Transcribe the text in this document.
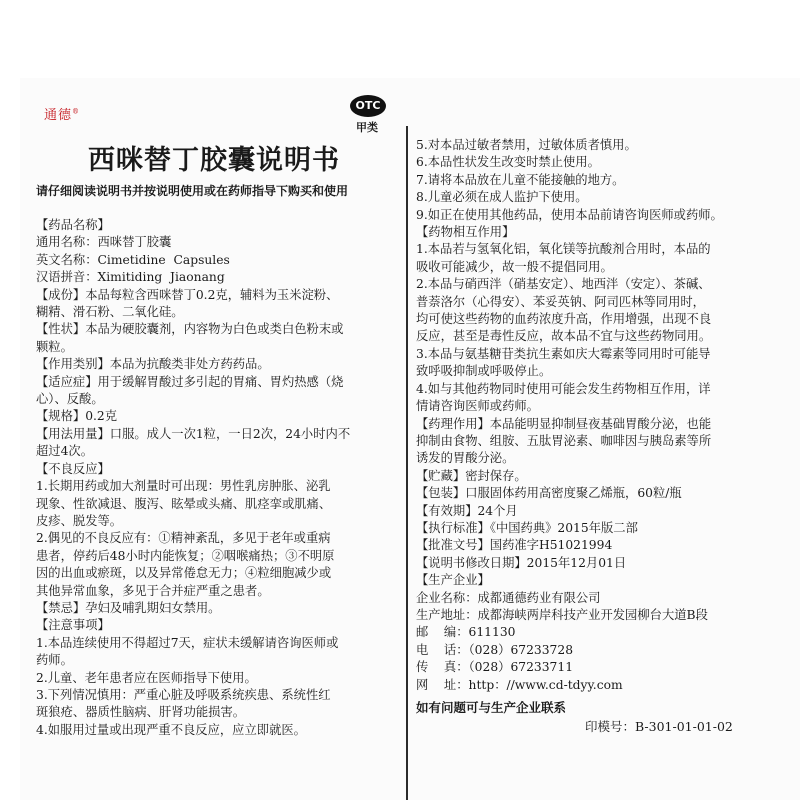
通德®	OTC
甲类
西咪替丁胶囊说明书
请仔细阅读说明书并按说明使用或在药师指导下购买和使用

【药品名称】

通用名称：西咪替丁胶囊

英文名称：Cimetidine  Capsules

汉语拼音：Ximitiding  Jiaonang

【成份】本品每粒含西咪替丁0.2克，辅料为玉米淀粉、

糊精、滑石粉、二氧化硅。

【性状】本品为硬胶囊剂，内容物为白色或类白色粉末或

颗粒。

【作用类别】本品为抗酸类非处方药药品。

【适应症】用于缓解胃酸过多引起的胃痛、胃灼热感（烧

心）、反酸。

【规格】0.2克

【用法用量】口服。成人一次1粒，一日2次，24小时内不

超过4次。

【不良反应】

1.长期用药或加大剂量时可出现：男性乳房肿胀、泌乳

现象、性欲减退、腹泻、眩晕或头痛、肌痉挛或肌痛、

皮疹、脱发等。

2.偶见的不良反应有：①精神紊乱，多见于老年或重病

患者，停药后48小时内能恢复；②咽喉痛热；③不明原

因的出血或瘀斑，以及异常倦怠无力；④粒细胞减少或

其他异常血象，多见于合并症严重之患者。

【禁忌】孕妇及哺乳期妇女禁用。

【注意事项】

1.本品连续使用不得超过7天，症状未缓解请咨询医师或

药师。

2.儿童、老年患者应在医师指导下使用。

3.下列情况慎用：严重心脏及呼吸系统疾患、系统性红

斑狼疮、器质性脑病、肝肾功能损害。

4.如服用过量或出现严重不良反应，应立即就医。

5.对本品过敏者禁用，过敏体质者慎用。

6.本品性状发生改变时禁止使用。

7.请将本品放在儿童不能接触的地方。

8.儿童必须在成人监护下使用。

9.如正在使用其他药品，使用本品前请咨询医师或药师。

【药物相互作用】

1.本品若与氢氧化铝，氧化镁等抗酸剂合用时，本品的

吸收可能减少，故一般不提倡同用。

2.本品与硝西泮（硝基安定）、地西泮（安定）、茶碱、

普萘洛尔（心得安）、苯妥英钠、阿司匹林等同用时，

均可使这些药物的血药浓度升高，作用增强，出现不良

反应，甚至是毒性反应，故本品不宜与这些药物同用。

3.本品与氨基糖苷类抗生素如庆大霉素等同用时可能导

致呼吸抑制或呼吸停止。

4.如与其他药物同时使用可能会发生药物相互作用，详

情请咨询医师或药师。

【药理作用】本品能明显抑制昼夜基础胃酸分泌，也能

抑制由食物、组胺、五肽胃泌素、咖啡因与胰岛素等所

诱发的胃酸分泌。

【贮藏】密封保存。

【包装】口服固体药用高密度聚乙烯瓶，60粒/瓶

【有效期】24个月

【执行标准】《中国药典》2015年版二部

【批准文号】国药准字H51021994

【说明书修改日期】2015年12月01日

【生产企业】

企业名称：成都通德药业有限公司

生产地址：成都海峡两岸科技产业开发园柳台大道B段

邮    编：611130

电    话：（028）67233728

传    真：（028）67233711

网    址：http：//www.cd-tdyy.com

如有问题可与生产企业联系

印模号：B-301-01-01-02
